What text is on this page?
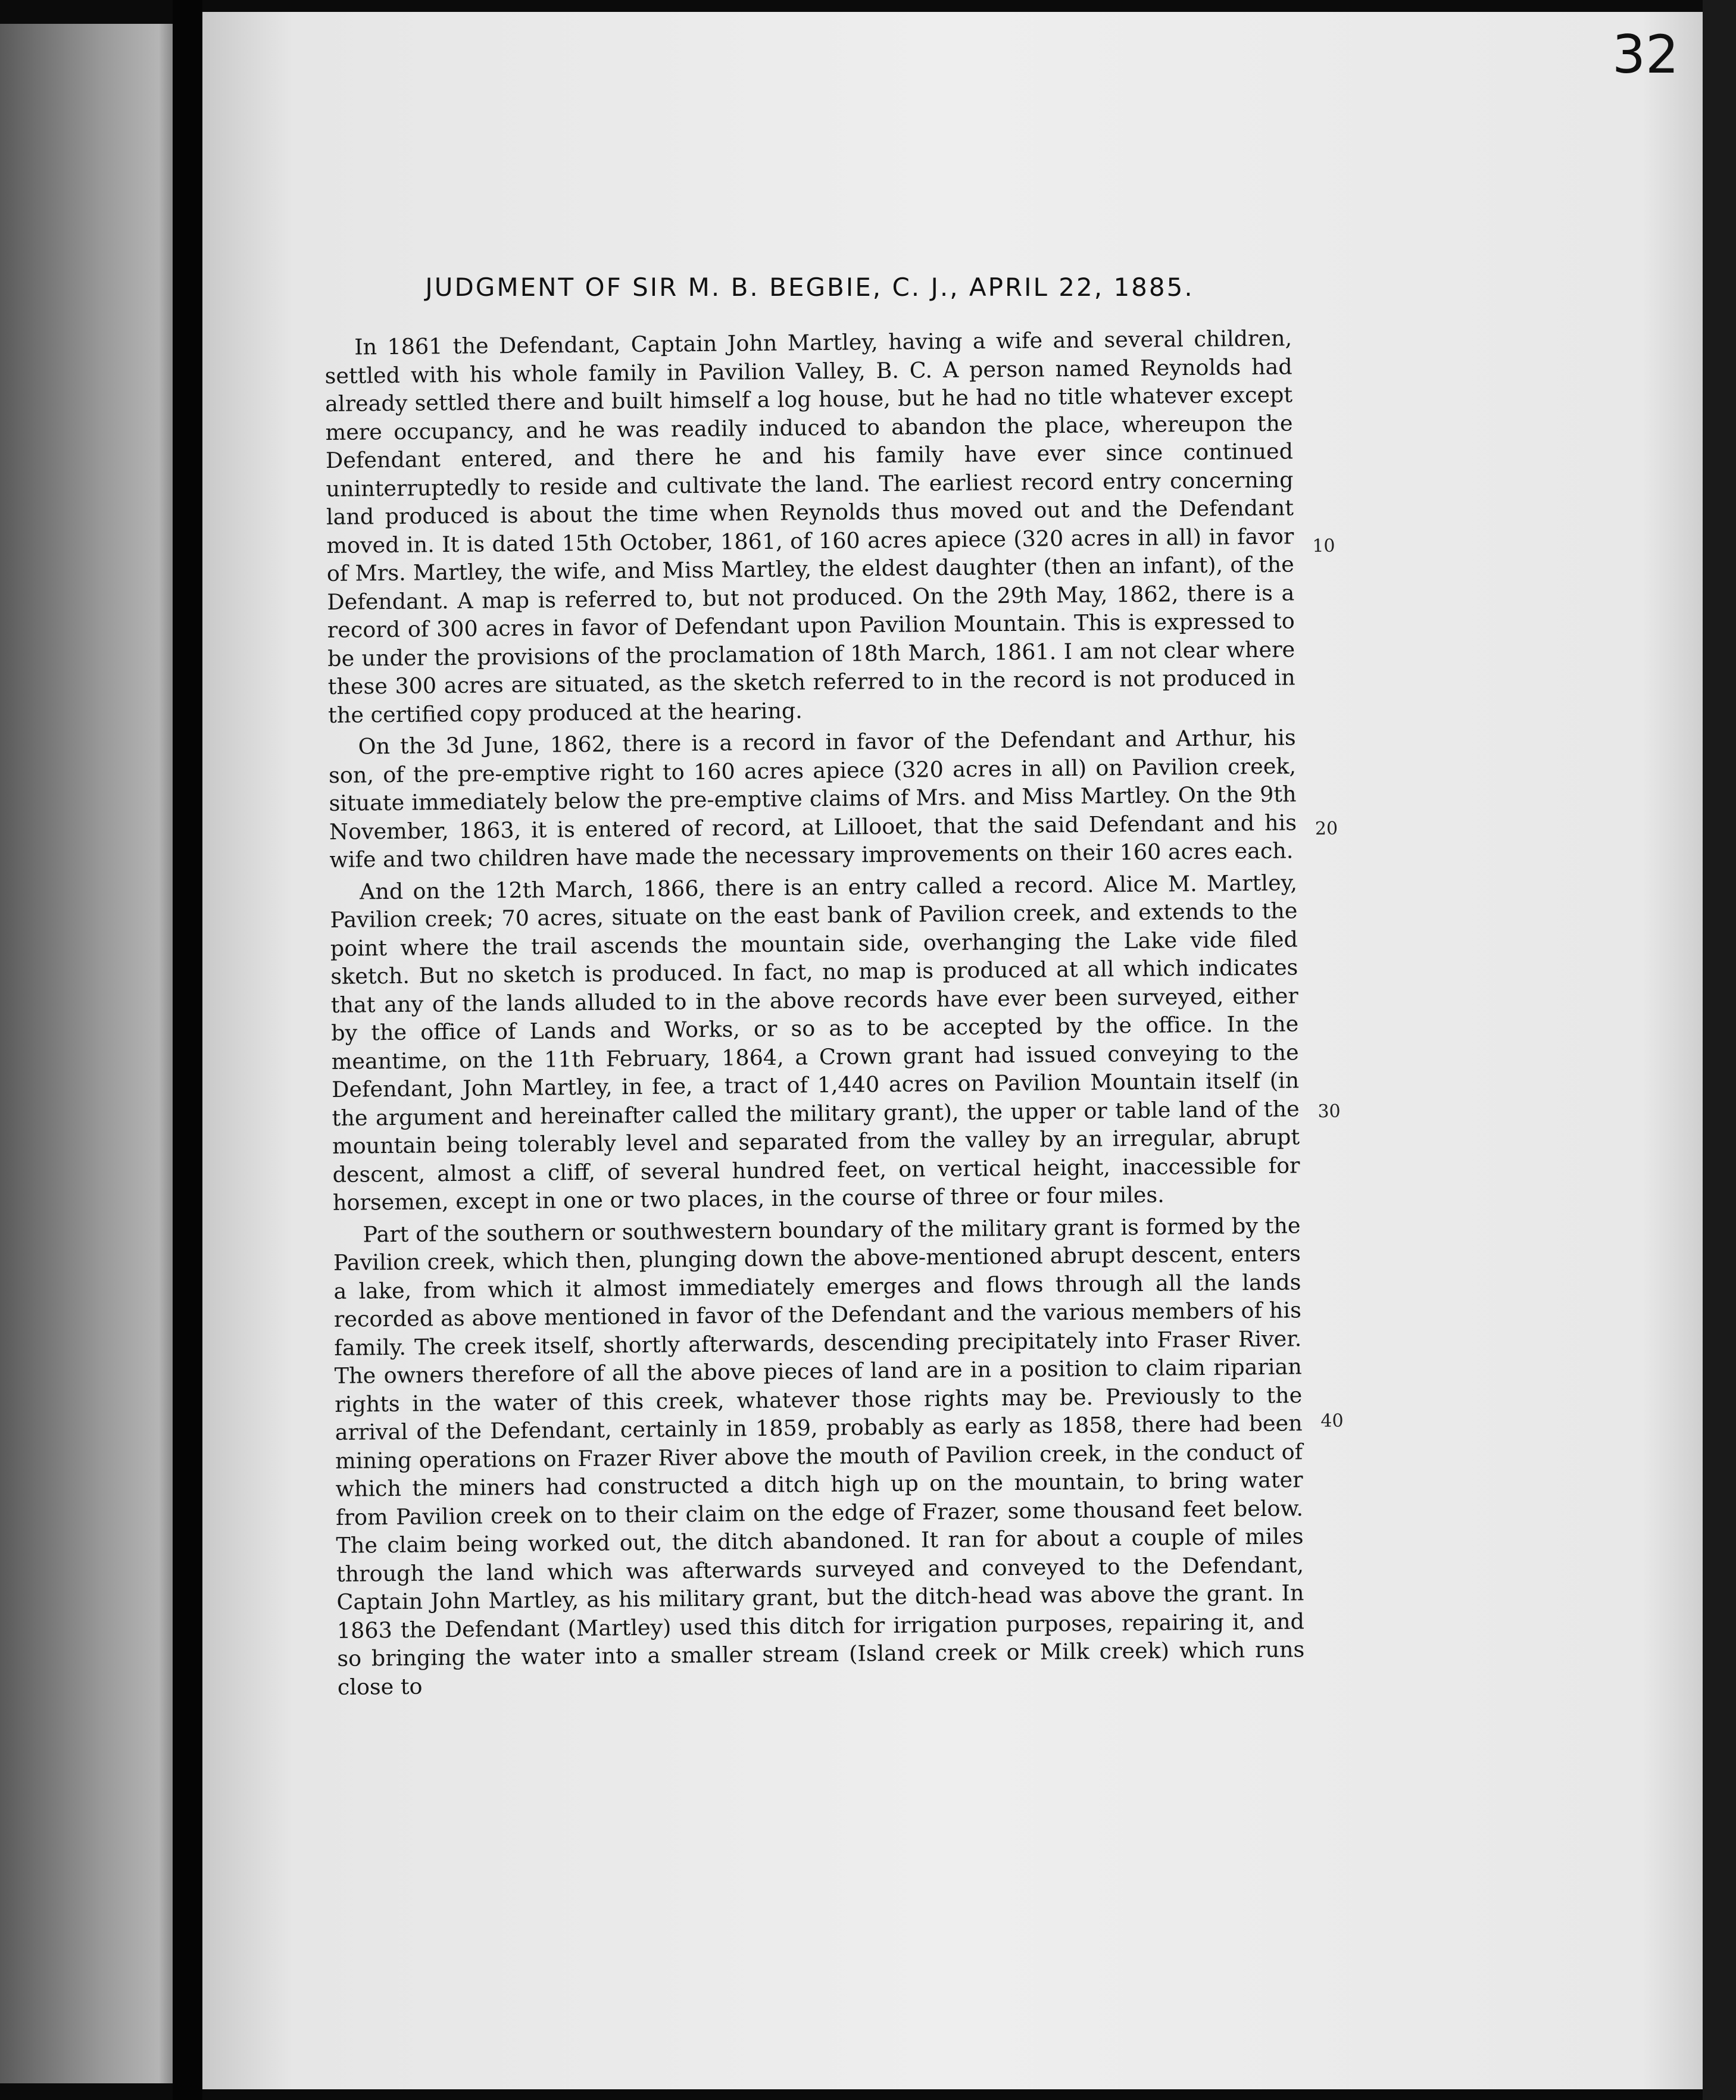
32

JUDGMENT OF SIR M. B. BEGBIE, C. J., APRIL 22, 1885.

In 1861 the Defendant, Captain John Martley, having a wife and several children, settled with his whole family in Pavilion Valley, B. C. A person named Reynolds had already settled there and built himself a log house, but he had no title whatever except mere occupancy, and he was readily induced to abandon the place, whereupon the Defendant entered, and there he and his family have ever since continued uninterruptedly to reside and cultivate the land. The earliest record entry concerning land produced is about the time when Reynolds thus moved out and the Defendant moved in. It is dated 15th October, 1861, of 160 acres apiece (320 acres in all) in favor of Mrs. Martley, the wife, and Miss Martley, the eldest daughter (then an infant), of the Defendant. A map is referred to, but not produced. On the 29th May, 1862, there is a record of 300 acres in favor of Defendant upon Pavilion Mountain. This is expressed to be under the provisions of the proclamation of 18th March, 1861. I am not clear where these 300 acres are situated, as the sketch referred to in the record is not produced in the certified copy produced at the hearing.

On the 3d June, 1862, there is a record in favor of the Defendant and Arthur, his son, of the pre-emptive right to 160 acres apiece (320 acres in all) on Pavilion creek, situate immediately below the pre-emptive claims of Mrs. and Miss Martley. On the 9th November, 1863, it is entered of record, at Lillooet, that the said Defendant and his wife and two children have made the necessary improvements on their 160 acres each.

And on the 12th March, 1866, there is an entry called a record. Alice M. Martley, Pavilion creek; 70 acres, situate on the east bank of Pavilion creek, and extends to the point where the trail ascends the mountain side, overhanging the Lake vide filed sketch. But no sketch is produced. In fact, no map is produced at all which indicates that any of the lands alluded to in the above records have ever been surveyed, either by the office of Lands and Works, or so as to be accepted by the office. In the meantime, on the 11th February, 1864, a Crown grant had issued conveying to the Defendant, John Martley, in fee, a tract of 1,440 acres on Pavilion Mountain itself (in the argument and hereinafter called the military grant), the upper or table land of the mountain being tolerably level and separated from the valley by an irregular, abrupt descent, almost a cliff, of several hundred feet, on vertical height, inaccessible for horsemen, except in one or two places, in the course of three or four miles.

Part of the southern or southwestern boundary of the military grant is formed by the Pavilion creek, which then, plunging down the above-mentioned abrupt descent, enters a lake, from which it almost immediately emerges and flows through all the lands recorded as above mentioned in favor of the Defendant and the various members of his family. The creek itself, shortly afterwards, descending precipitately into Fraser River. The owners therefore of all the above pieces of land are in a position to claim riparian rights in the water of this creek, whatever those rights may be. Previously to the arrival of the Defendant, certainly in 1859, probably as early as 1858, there had been mining operations on Frazer River above the mouth of Pavilion creek, in the conduct of which the miners had constructed a ditch high up on the mountain, to bring water from Pavilion creek on to their claim on the edge of Frazer, some thousand feet below. The claim being worked out, the ditch abandoned. It ran for about a couple of miles through the land which was afterwards surveyed and conveyed to the Defendant, Captain John Martley, as his military grant, but the ditch-head was above the grant. In 1863 the Defendant (Martley) used this ditch for irrigation purposes, repairing it, and so bringing the water into a smaller stream (Island creek or Milk creek) which runs close to

10
20
30
40
